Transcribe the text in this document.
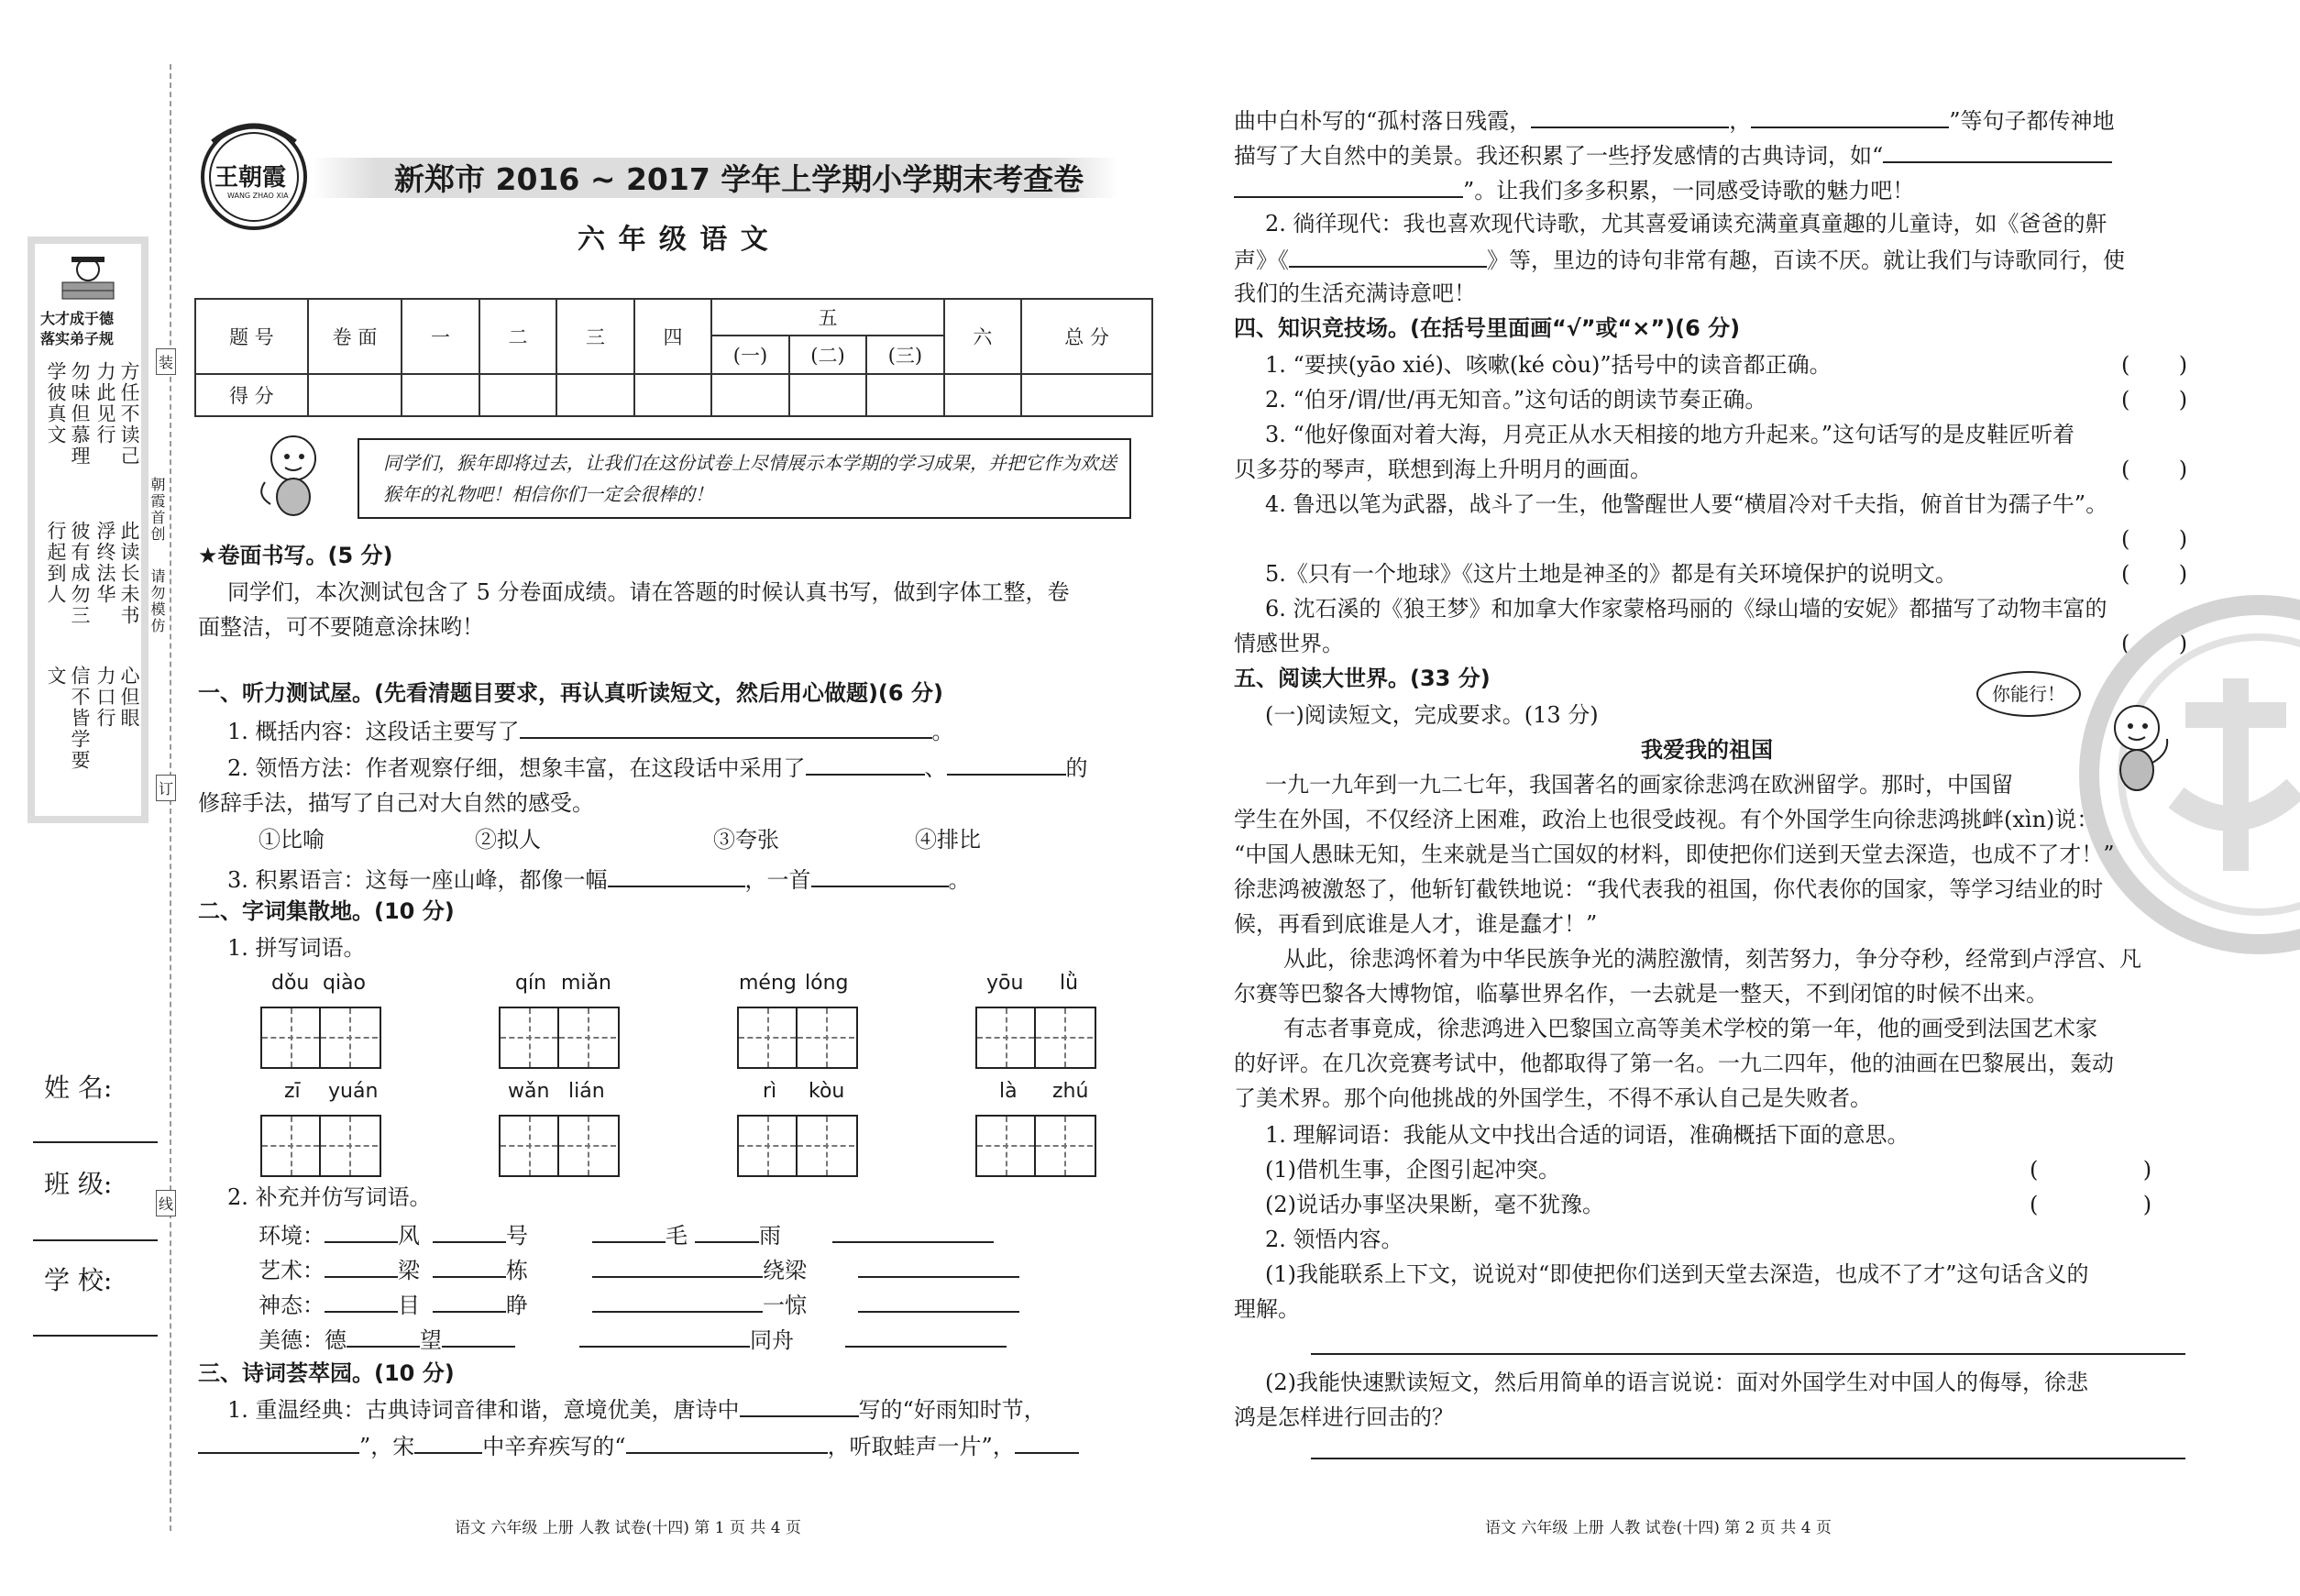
大才成于德
落实弟子规
方任不读己力此见行
勿味但慕理学彼真文
此读长未书浮终法华
彼有成勿三行起到人
心但眼力口行
信不皆学要文
装
订
线
朝霞首创
请勿模仿
姓 名:
班 级:
学 校:
王朝霞
WANG ZHAO XIA	新郑市 2016 ~ 2017 学年上学期小学期末考查卷
六 年 级 语 文
题 号	卷 面	一	二	三	四	五			六	总 分
						(一)	(二)	(三)		
得 分										
同学们，猴年即将过去，让我们在这份试卷上尽情展示本学期的学习成果，并把它作为欢送猴年的礼物吧！相信你们一定会很棒的！
★卷面书写。(5 分)
同学们，本次测试包含了 5 分卷面成绩。请在答题的时候认真书写，做到字体工整，卷
面整洁，可不要随意涂抹哟！
一、听力测试屋。(先看清题目要求，再认真听读短文，然后用心做题)(6 分)
1. 概括内容：这段话主要写了	。
2. 领悟方法：作者观察仔细，想象丰富，在这段话中采用了	、	的
修辞手法，描写了自己对大自然的感受。
①比喻	②拟人	③夸张	④排比
3. 积累语言：这每一座山峰，都像一幅	，一首	。
二、字词集散地。(10 分)
1. 拼写词语。
dǒu qiào	qín miǎn	méng lóng	yōu lǜ
zī yuán	wǎn lián	rì kòu	là zhú
2. 补充并仿写词语。
环境：	风	号	毛	雨
艺术：	梁	栋	绕梁
神态：	目	睁	一惊
美德：德	望	同舟
三、诗词荟萃园。(10 分)
1. 重温经典：古典诗词音律和谐，意境优美，唐诗中	写的“好雨知时节，
”，宋	中辛弃疾写的“	，听取蛙声一片”，
语文 六年级 上册 人教 试卷(十四) 第 1 页 共 4 页
曲中白朴写的“孤村落日残霞，	，	”等句子都传神地
描写了大自然中的美景。我还积累了一些抒发感情的古典诗词，如“
”。让我们多多积累，一同感受诗歌的魅力吧！
2. 徜徉现代：我也喜欢现代诗歌，尤其喜爱诵读充满童真童趣的儿童诗，如《爸爸的鼾
声》《	》等，里边的诗句非常有趣，百读不厌。就让我们与诗歌同行，使
我们的生活充满诗意吧！
四、知识竞技场。(在括号里面画“√”或“×”)(6 分)
1. “要挟(yāo xié)、咳嗽(ké còu)”括号中的读音都正确。	(       )
2. “伯牙/谓/世/再无知音。”这句话的朗读节奏正确。	(       )
3. “他好像面对着大海，月亮正从水天相接的地方升起来。”这句话写的是皮鞋匠听着
贝多芬的琴声，联想到海上升明月的画面。	(       )
4. 鲁迅以笔为武器，战斗了一生，他警醒世人要“横眉冷对千夫指，俯首甘为孺子牛”。
(       )
5.《只有一个地球》《这片土地是神圣的》都是有关环境保护的说明文。	(       )
6. 沈石溪的《狼王梦》和加拿大作家蒙格玛丽的《绿山墙的安妮》都描写了动物丰富的
情感世界。	(       )
五、阅读大世界。(33 分)
(一)阅读短文，完成要求。(13 分)
你能行！
我爱我的祖国
一九一九年到一九二七年，我国著名的画家徐悲鸿在欧洲留学。那时，中国留
学生在外国，不仅经济上困难，政治上也很受歧视。有个外国学生向徐悲鸿挑衅(xìn)说：
“中国人愚昧无知，生来就是当亡国奴的材料，即使把你们送到天堂去深造，也成不了才！”
徐悲鸿被激怒了，他斩钉截铁地说：“我代表我的祖国，你代表你的国家，等学习结业的时
候，再看到底谁是人才，谁是蠢才！”
从此，徐悲鸿怀着为中华民族争光的满腔激情，刻苦努力，争分夺秒，经常到卢浮宫、凡
尔赛等巴黎各大博物馆，临摹世界名作，一去就是一整天，不到闭馆的时候不出来。
有志者事竟成，徐悲鸿进入巴黎国立高等美术学校的第一年，他的画受到法国艺术家
的好评。在几次竞赛考试中，他都取得了第一名。一九二四年，他的油画在巴黎展出，轰动
了美术界。那个向他挑战的外国学生，不得不承认自己是失败者。
1. 理解词语：我能从文中找出合适的词语，准确概括下面的意思。
(1)借机生事，企图引起冲突。	(               )
(2)说话办事坚决果断，毫不犹豫。	(               )
2. 领悟内容。
(1)我能联系上下文，说说对“即使把你们送到天堂去深造，也成不了才”这句话含义的
理解。
(2)我能快速默读短文，然后用简单的语言说说：面对外国学生对中国人的侮辱，徐悲
鸿是怎样进行回击的？
语文 六年级 上册 人教 试卷(十四) 第 2 页 共 4 页
